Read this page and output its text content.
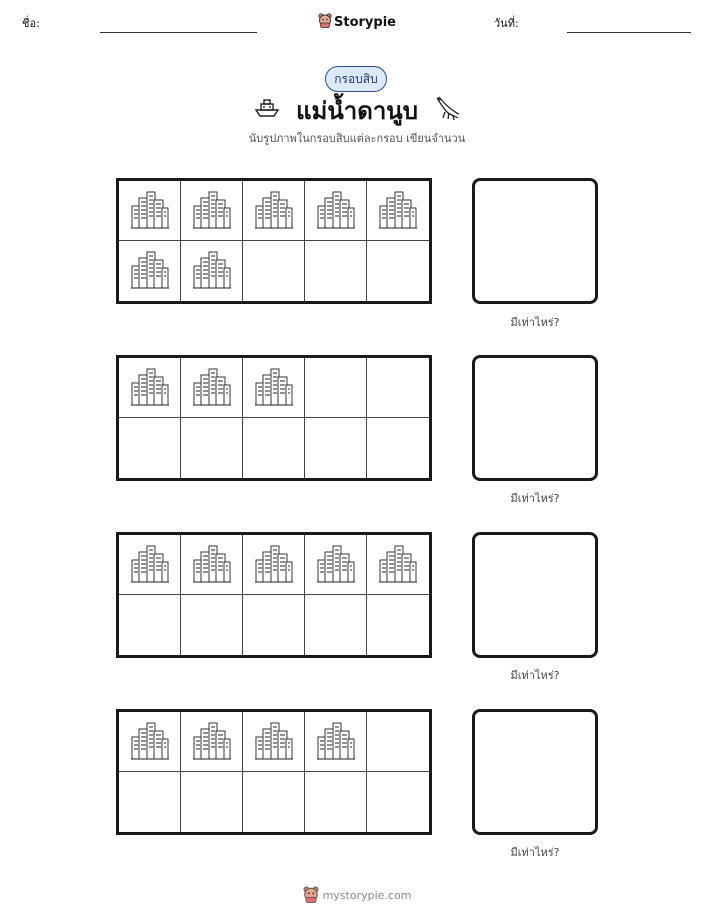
ชื่อ:	Storypie	วันที่:
กรอบสิบ
แม่น้ำดานูบ
นับรูปภาพในกรอบสิบแต่ละกรอบ เขียนจำนวน
มีเท่าไหร่?
มีเท่าไหร่?
มีเท่าไหร่?
มีเท่าไหร่?
mystorypie.com
